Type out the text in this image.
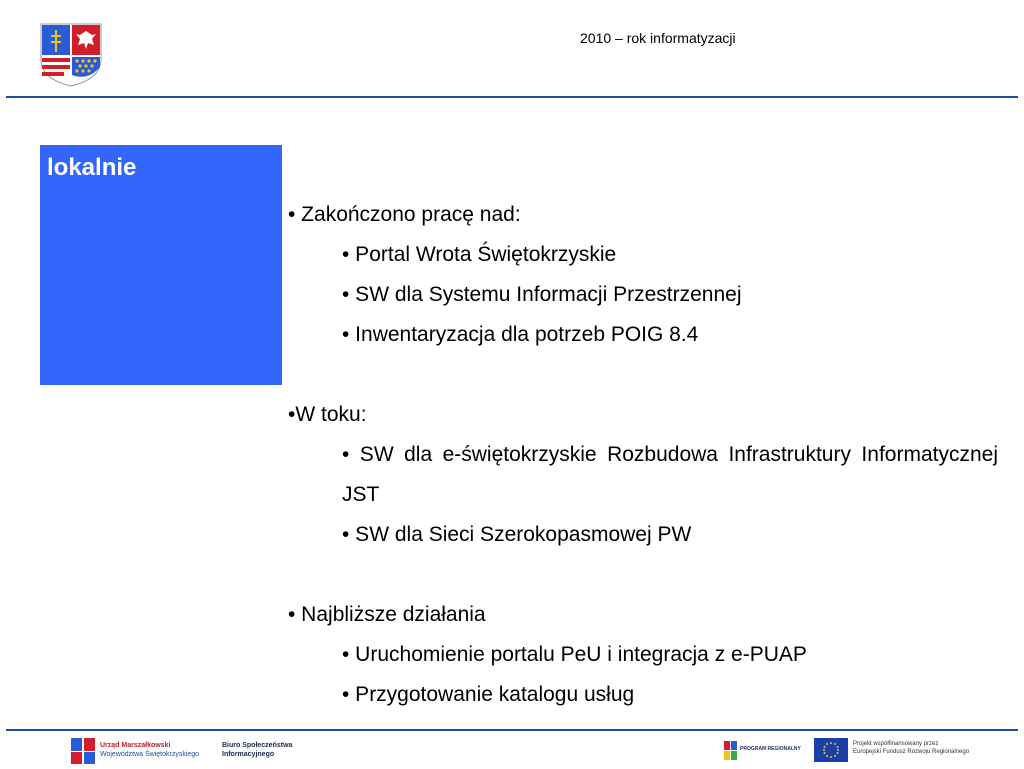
2010 – rok informatyzacji
lokalnie

• Zakończono pracę nad:

• Portal Wrota Świętokrzyskie

• SW dla Systemu Informacji Przestrzennej

• Inwentaryzacja dla potrzeb POIG 8.4

•W toku:

• SW dla e-świętokrzyskie Rozbudowa Infrastruktury Informatycznej JST

• SW dla Sieci Szerokopasmowej PW

• Najbliższe działania

• Uruchomienie portalu PeU i integracja z e-PUAP

• Przygotowanie katalogu usług

Urząd Marszałkowski
Województwa Świętokrzyskiego
Biuro Społeczeństwa
Informacyjnego
PROGRAM REGIONALNY
Projekt współfinansowany przez
Europejski Fundusz Rozwoju Regionalnego
